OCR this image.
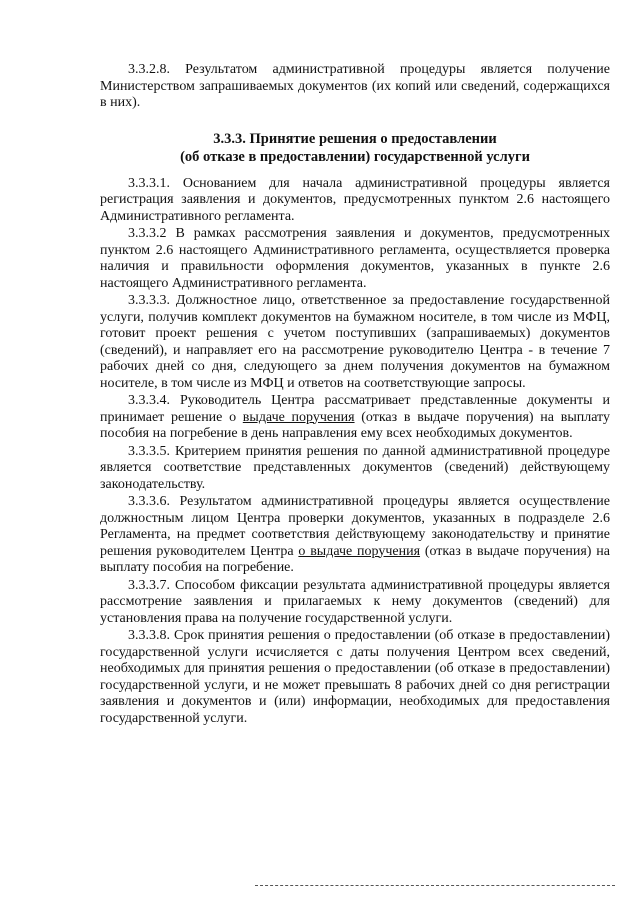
3.3.2.8. Результатом административной процедуры является получение Министерством запрашиваемых документов (их копий или сведений, содержащихся в них).

3.3.3. Принятие решения о предоставлении
(об отказе в предоставлении) государственной услуги

3.3.3.1. Основанием для начала административной процедуры является регистрация заявления и документов, предусмотренных пунктом 2.6 настоящего Административного регламента.

3.3.3.2 В рамках рассмотрения заявления и документов, предусмотренных пунктом 2.6 настоящего Административного регламента, осуществляется проверка наличия и правильности оформления документов, указанных в пункте 2.6 настоящего Административного регламента.

3.3.3.3. Должностное лицо, ответственное за предоставление государственной услуги, получив комплект документов на бумажном носителе, в том числе из МФЦ, готовит проект решения с учетом поступивших (запрашиваемых) документов (сведений), и направляет его на рассмотрение руководителю Центра - в течение 7 рабочих дней со дня, следующего за днем получения документов на бумажном носителе, в том числе из МФЦ и ответов на соответствующие запросы.

3.3.3.4. Руководитель Центра рассматривает представленные документы и принимает решение о выдаче поручения (отказ в выдаче поручения) на выплату пособия на погребение в день направления ему всех необходимых документов.

3.3.3.5. Критерием принятия решения по данной административной процедуре является соответствие представленных документов (сведений) действующему законодательству.

3.3.3.6. Результатом административной процедуры является осуществление должностным лицом Центра проверки документов, указанных в подразделе 2.6 Регламента, на предмет соответствия действующему законодательству и принятие решения руководителем Центра о выдаче поручения (отказ в выдаче поручения) на выплату пособия на погребение.

3.3.3.7. Способом фиксации результата административной процедуры является рассмотрение заявления и прилагаемых к нему документов (сведений) для установления права на получение государственной услуги.

3.3.3.8. Срок принятия решения о предоставлении (об отказе в предоставлении) государственной услуги исчисляется с даты получения Центром всех сведений, необходимых для принятия решения о предоставлении (об отказе в предоставлении) государственной услуги, и не может превышать 8 рабочих дней со дня регистрации заявления и документов и (или) информации, необходимых для предоставления государственной услуги.
